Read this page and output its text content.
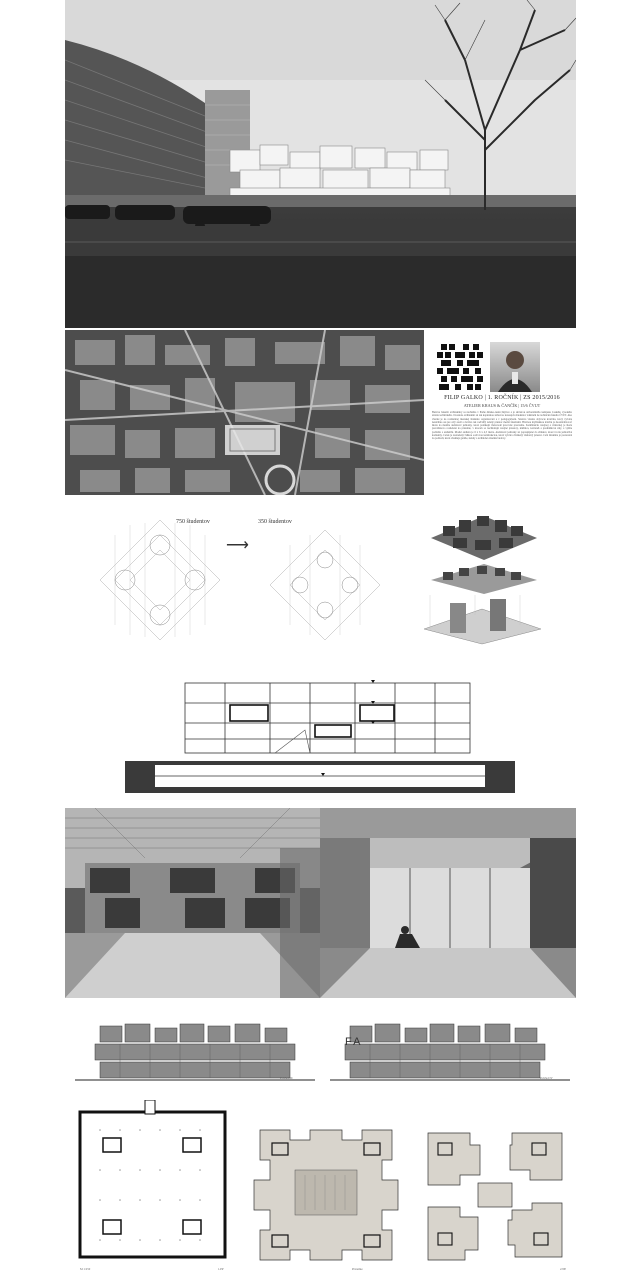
FILIP GALKO | 1. ROČNÍK | ZS 2015/2016
ATELIER KRAUS & ČANČÍK | 15/6 ČVUT
Budova bakalár architektúry sa nachádza v Prahe dánsko-ruská Dejvice a je súčasťou univerzitného kampusu Českého vysokého učenia technického. Dostatok architektúr sú tak koplexnou súčasťou konzepciu študentov zahrnulú tie technickú fakultu ČVUT. Ako vlastné je na rozmanitej mestskej štruktúre organizovaní a v pedagogickom. Sústava vlastne obývacie kvartálu, ktorý vytvára neutrálnu osu pre celý areál a dotvára tak rozľahlý zelený priestor medzi fakultami. Hlavnou myšlienkou návrhu je decentralizovať školu na menšie ateliérové jednotky, ktoré ponúkajú rôznorodé pracovné prostredie. Kombináciu verejnej a vnútornej je škola prevádzkovo rozdelená na prízemie, v ktorom sa nachádzajú verejné priestory, knižnica, kaviareň a prednáškové sály, a vyššie podlažia s ateliérmi. Modul ateliéru je 6 x 6 x 4,5 metra. Ateliérové jednotky sú poprepájané do zhlukov, ktoré tvoria jednotlivé komunity. Celok je zastrešený ľahkou oceľovou konštrukciou, ktorá vytvára chránený vnútorný priestor. Celá štruktúra je postavená na podnoži, ktorá obsahuje garáže, sklady a technické zázemie budovy.
750 študentov
⟶
350 študentov
Pohľad III
FA
Pohľad IV
M 1:250	1.PP	Prízemie	2.NP
